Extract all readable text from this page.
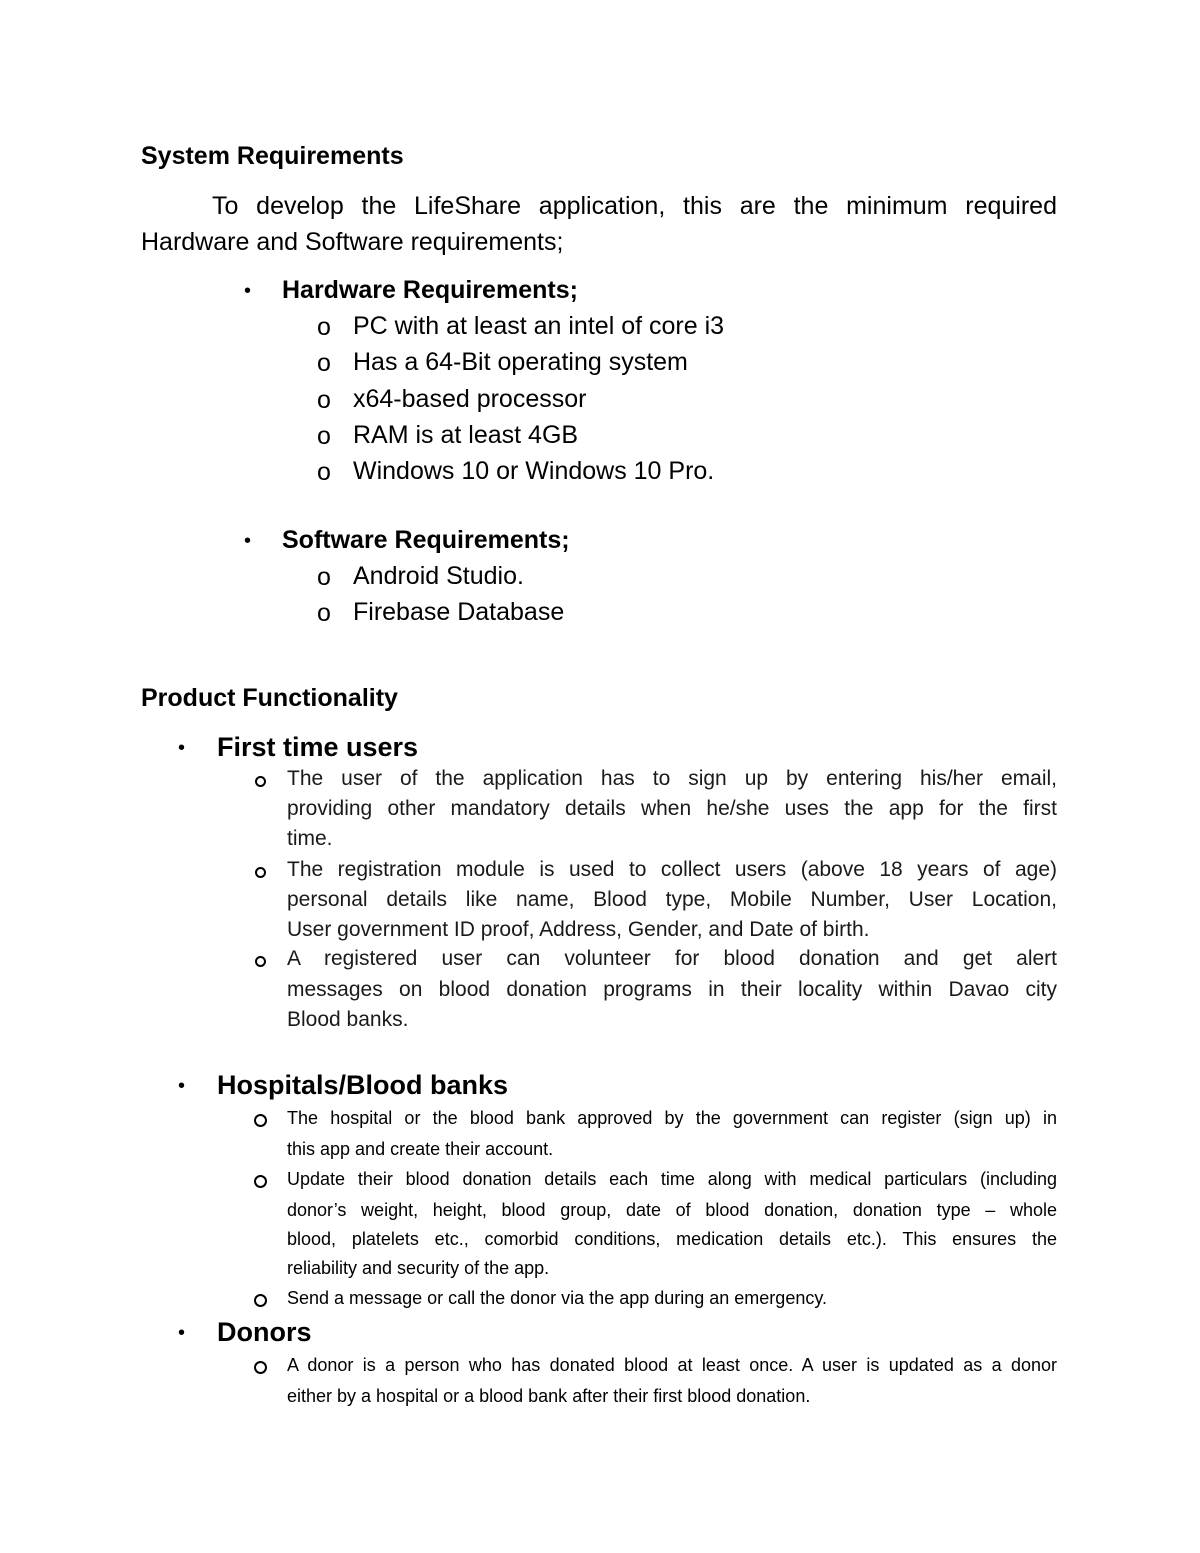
System Requirements
To develop the LifeShare application, this are the minimum required
Hardware and Software requirements;
• Hardware Requirements;
o PC with at least an intel of core i3
o Has a 64-Bit operating system
o x64-based processor
o RAM is at least 4GB
o Windows 10 or Windows 10 Pro.
• Software Requirements;
o Android Studio.
o Firebase Database
Product Functionality
• First time users
The user of the application has to sign up by entering his/her email,
providing other mandatory details when he/she uses the app for the first
time.
The registration module is used to collect users (above 18 years of age)
personal details like name, Blood type, Mobile Number, User Location,
User government ID proof, Address, Gender, and Date of birth.
A registered user can volunteer for blood donation and get alert
messages on blood donation programs in their locality within Davao city
Blood banks.
• Hospitals/Blood banks
The hospital or the blood bank approved by the government can register (sign up) in
this app and create their account.
Update their blood donation details each time along with medical particulars (including
donor’s weight, height, blood group, date of blood donation, donation type – whole
blood, platelets etc., comorbid conditions, medication details etc.). This ensures the
reliability and security of the app.
Send a message or call the donor via the app during an emergency.
• Donors
A donor is a person who has donated blood at least once. A user is updated as a donor
either by a hospital or a blood bank after their first blood donation.
